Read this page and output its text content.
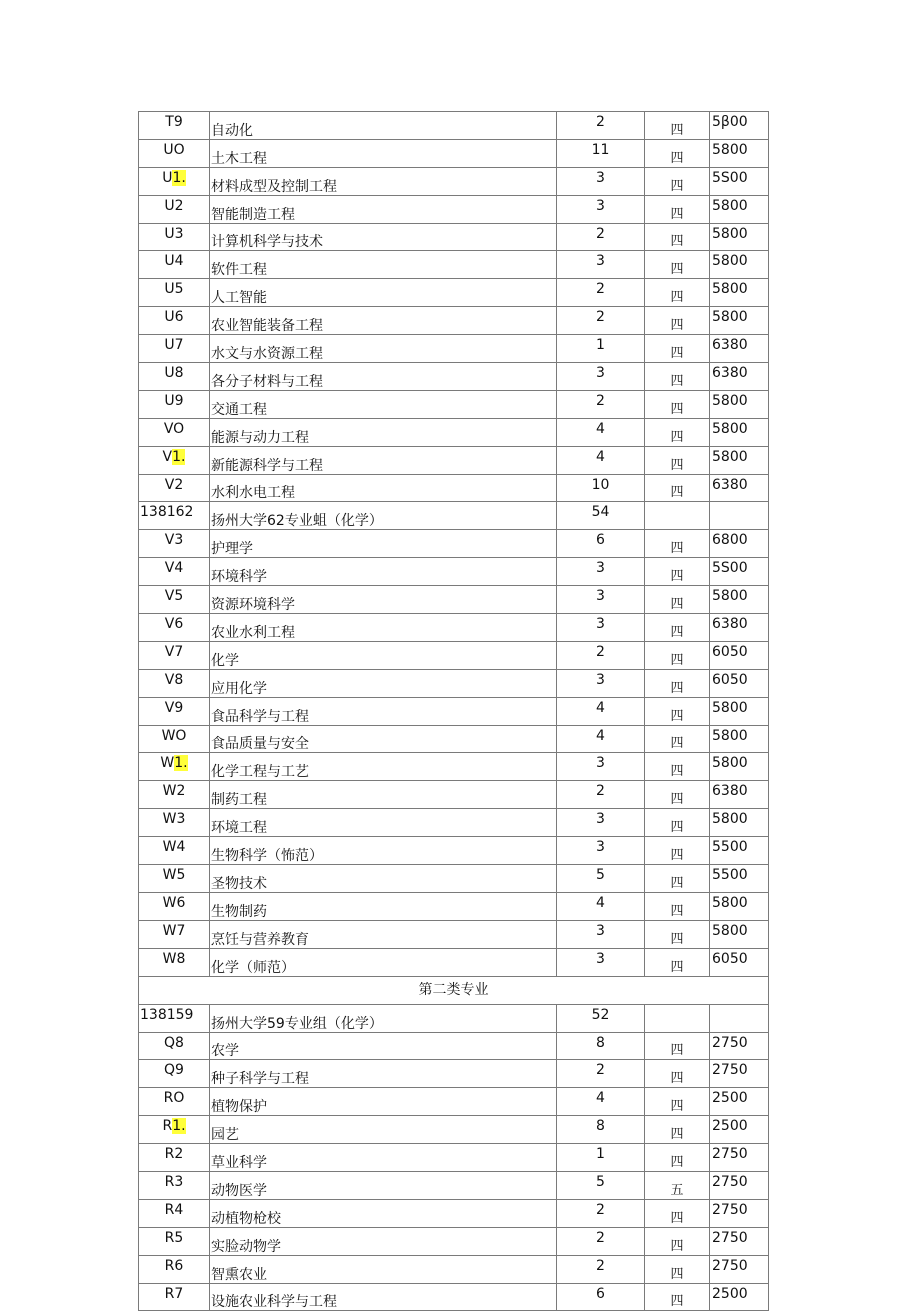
T9	自动化	2	四	5β00
UO	土木工程	11	四	5800
U1.	材料成型及控制工程	3	四	5S00
U2	智能制造工程	3	四	5800
U3	计算机科学与技术	2	四	5800
U4	软件工程	3	四	5800
U5	人工智能	2	四	5800
U6	农业智能装备工程	2	四	5800
U7	水文与水资源工程	1	四	6380
U8	各分子材料与工程	3	四	6380
U9	交通工程	2	四	5800
VO	能源与动力工程	4	四	5800
V1.	新能源科学与工程	4	四	5800
V2	水利水电工程	10	四	6380
138162	扬州大学62专业蛆（化学）	54		
V3	护理学	6	四	6800
V4	环境科学	3	四	5S00
V5	资源环境科学	3	四	5800
V6	农业水利工程	3	四	6380
V7	化学	2	四	6050
V8	应用化学	3	四	6050
V9	食品科学与工程	4	四	5800
WO	食品质量与安全	4	四	5800
W1.	化学工程与工艺	3	四	5800
W2	制药工程	2	四	6380
W3	环境工程	3	四	5800
W4	生物科学（怖范）	3	四	5500
W5	圣物技术	5	四	5500
W6	生物制药	4	四	5800
W7	烹饪与营养教育	3	四	5800
W8	化学（师范）	3	四	6050
第二类专业				
138159	扬州大学59专业组（化学）	52		
Q8	农学	8	四	2750
Q9	种子科学与工程	2	四	2750
RO	植物保护	4	四	2500
R1.	园艺	8	四	2500
R2	草业科学	1	四	2750
R3	动物医学	5	五	2750
R4	动植物枪校	2	四	2750
R5	实脸动物学	2	四	2750
R6	智熏农业	2	四	2750
R7	设施农业科学与工程	6	四	2500
